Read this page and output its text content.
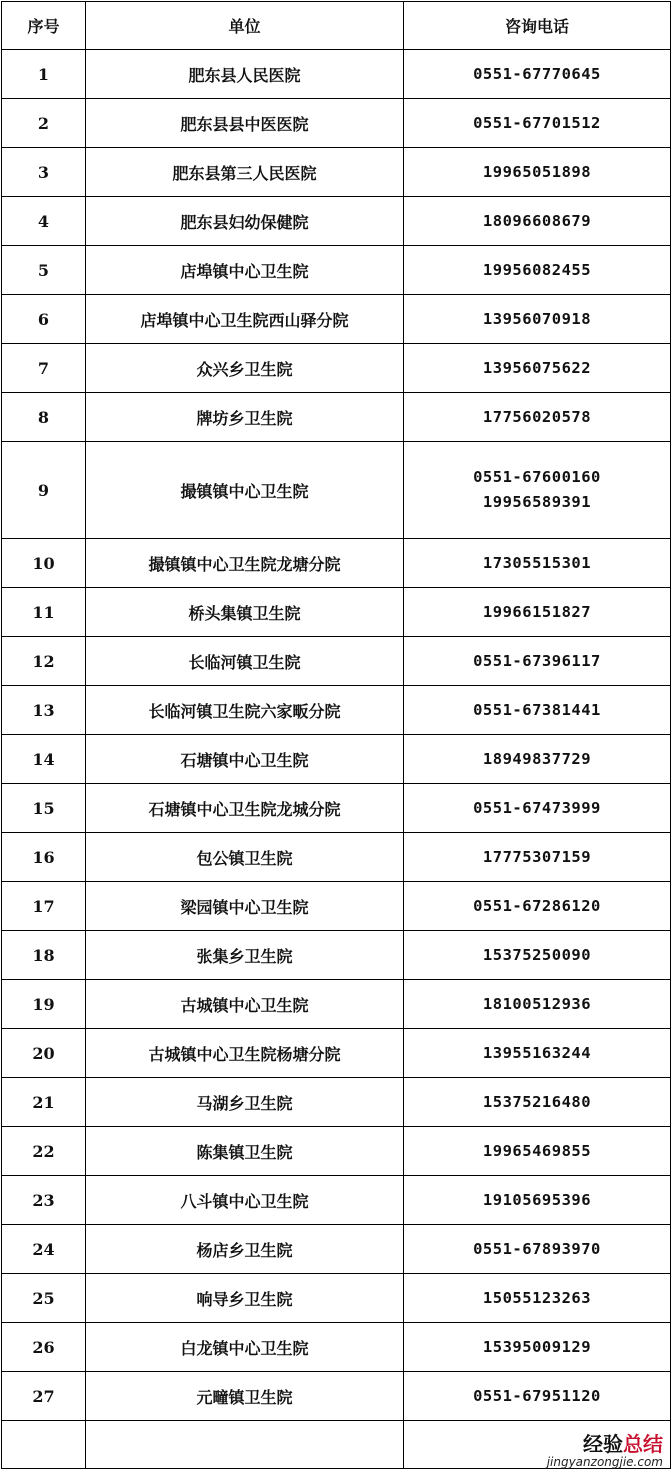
序号	单位	咨询电话
1	肥东县人民医院	0551-67770645

2	肥东县县中医医院	0551-67701512

3	肥东县第三人民医院	19965051898

4	肥东县妇幼保健院	18096608679

5	店埠镇中心卫生院	19956082455

6	店埠镇中心卫生院西山驿分院	13956070918

7	众兴乡卫生院	13956075622

8	牌坊乡卫生院	17756020578

9	撮镇镇中心卫生院	0551-67600160
19956589391

10	撮镇镇中心卫生院龙塘分院	17305515301

11	桥头集镇卫生院	19966151827

12	长临河镇卫生院	0551-67396117

13	长临河镇卫生院六家畈分院	0551-67381441

14	石塘镇中心卫生院	18949837729

15	石塘镇中心卫生院龙城分院	0551-67473999

16	包公镇卫生院	17775307159

17	梁园镇中心卫生院	0551-67286120

18	张集乡卫生院	15375250090

19	古城镇中心卫生院	18100512936

20	古城镇中心卫生院杨塘分院	13955163244

21	马湖乡卫生院	15375216480

22	陈集镇卫生院	19965469855

23	八斗镇中心卫生院	19105695396

24	杨店乡卫生院	0551-67893970

25	响导乡卫生院	15055123263

26	白龙镇中心卫生院	15395009129

27	元疃镇卫生院	0551-67951120

经验总结
jingyanzongjie.com
